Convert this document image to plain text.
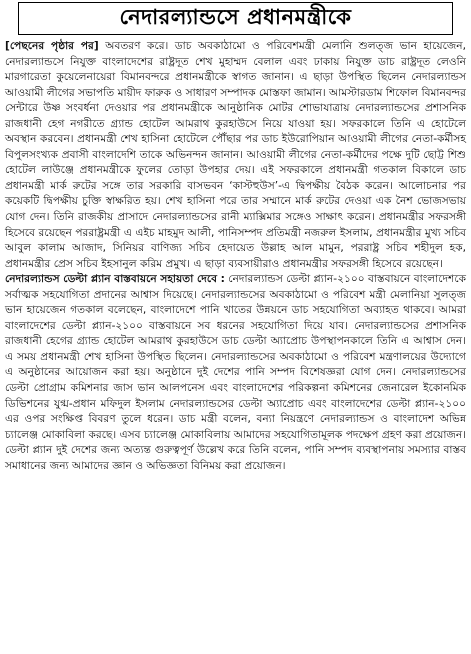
নেদারল্যান্ডসে প্রধানমন্ত্রীকে

[পেছনের পৃষ্ঠার পর] অবতরণ করে। ডাচ অবকাঠামো ও পরিবেশমন্ত্রী মেলানি শুলত্জ ভান হায়েজেন, নেদারল্যান্ডসে নিযুক্ত বাংলাদেশের রাষ্ট্রদূত শেখ মুহাম্মদ বেলাল এবং ঢাকায় নিযুক্ত ডাচ রাষ্ট্রদূত লেওনি মারগারেতা কুয়েলেনায়েরা বিমানবন্দরে প্রধানমন্ত্রীকে স্বাগত জানান। এ ছাড়া উপস্থিত ছিলেন নেদারল্যান্ডস আওয়ামী লীগের সভাপতি মায়ীদ ফারুক ও সাধারণ সম্পাদক মোস্তফা জামান। আমস্টারডাম শিফোল বিমানবন্দর সেন্টারে উষ্ণ সংবর্ধনা দেওয়ার পর প্রধানমন্ত্রীকে আনুষ্ঠানিক মোটর শোভাযাত্রায় নেদারল্যান্ডসের প্রশাসনিক রাজধানী হেগ নগরীতে গ্র্যান্ড হোটেল আমরাথ কুরহাউসে নিয়ে যাওয়া হয়। সফরকালে তিনি এ হোটেলে অবস্থান করবেন। প্রধানমন্ত্রী শেখ হাসিনা হোটেলে পৌঁছার পর ডাচ ইউরোপিয়ান আওয়ামী লীগের নেতা-কর্মীসহ বিপুলসংখ্যক প্রবাসী বাংলাদেশি তাকে অভিনন্দন জানান। আওয়ামী লীগের নেতা-কর্মীদের পক্ষে দুটি ছোট্ট শিশু হোটেল লাউঞ্জে প্রধানমন্ত্রীকে ফুলের তোড়া উপহার দেয়। এই সফরকালে প্রধানমন্ত্রী গতকাল বিকালে ডাচ প্রধানমন্ত্রী মার্ক রুটের সঙ্গে তার সরকারি বাসভবন ‘কাস্টহুউস’-এ দ্বিপক্ষীয় বৈঠক করেন। আলোচনার পর কয়েকটি দ্বিপক্ষীয় চুক্তি স্বাক্ষরিত হয়। শেখ হাসিনা পরে তার সম্মানে মার্ক রুটের দেওয়া এক নৈশ ভোজসভায় যোগ দেন। তিনি রাজকীয় প্রাসাদে নেদারল্যান্ডসের রানী ম্যাক্সিমার সঙ্গেও সাক্ষাৎ করেন। প্রধানমন্ত্রীর সফরসঙ্গী হিসেবে রয়েছেন পররাষ্ট্রমন্ত্রী এ এইচ মাহমুদ আলী, পানিসম্পদ প্রতিমন্ত্রী নজরুল ইসলাম, প্রধানমন্ত্রীর মুখ্য সচিব আবুল কালাম আজাদ, সিনিয়র বাণিজ্য সচিব হেদায়েত উল্লাহ আল মামুন, পররাষ্ট্র সচিব শহীদুল হক, প্রধানমন্ত্রীর প্রেস সচিব ইহসানুল করিম প্রমুখ। এ ছাড়া ব্যবসায়ীরাও প্রধানমন্ত্রীর সফরসঙ্গী হিসেবে রয়েছেন।

নেদারল্যান্ডস ডেল্টা প্ল্যান বাস্তবায়নে সহায়তা দেবে : নেদারল্যান্ডস ডেল্টা প্ল্যান-২১০০ বাস্তবায়নে বাংলাদেশকে সর্বাত্মক সহযোগিতা প্রদানের আশ্বাস দিয়েছে। নেদারল্যান্ডসের অবকাঠামো ও পরিবেশ মন্ত্রী মেলানিয়া সুলত্জ ভান হায়েজেন গতকাল বলেছেন, বাংলাদেশে পানি খাতের উন্নয়নে ডাচ সহযোগিতা অব্যাহত থাকবে। আমরা বাংলাদেশের ডেল্টা প্ল্যান-২১০০ বাস্তবায়নে সব ধরনের সহযোগিতা দিয়ে যাব। নেদারল্যান্ডসের প্রশাসনিক রাজধানী হেগের গ্র্যান্ড হোটেল আমরাথ কুরহাউসে ডাচ ডেল্টা অ্যাপ্রোচ উপস্থাপনকালে তিনি এ আশ্বাস দেন। এ সময় প্রধানমন্ত্রী শেখ হাসিনা উপস্থিত ছিলেন। নেদারল্যান্ডসের অবকাঠামো ও পরিবেশ মন্ত্রণালয়ের উদ্যোগে এ অনুষ্ঠানের আয়োজন করা হয়। অনুষ্ঠানে দুই দেশের পানি সম্পদ বিশেষজ্ঞরা যোগ দেন। নেদারল্যান্ডসের ডেল্টা প্রোগ্রাম কমিশনার জাস ভান আলপনেস এবং বাংলাদেশের পরিকল্পনা কমিশনের জেনারেল ইকোনমিক ডিভিশনের যুগ্ম-প্রধান মফিদুল ইসলাম নেদারল্যান্ডসের ডেল্টা অ্যাপ্রোচ এবং বাংলাদেশের ডেল্টা প্ল্যান-২১০০ এর ওপর সংক্ষিপ্ত বিবরণ তুলে ধরেন। ডাচ মন্ত্রী বলেন, বন্যা নিয়ন্ত্রণে নেদারল্যান্ডস ও বাংলাদেশ অভিন্ন চ্যালেঞ্জ মোকাবিলা করছে। এসব চ্যালেঞ্জ মোকাবিলায় আমাদের সহযোগিতামূলক পদক্ষেপ গ্রহণ করা প্রয়োজন। ডেল্টা প্ল্যান দুই দেশের জন্য অত্যন্ত গুরুত্বপূর্ণ উল্লেখ করে তিনি বলেন, পানি সম্পদ ব্যবস্থাপনায় সমস্যার বাস্তব সমাধানের জন্য আমাদের জ্ঞান ও অভিজ্ঞতা বিনিময় করা প্রয়োজন।
